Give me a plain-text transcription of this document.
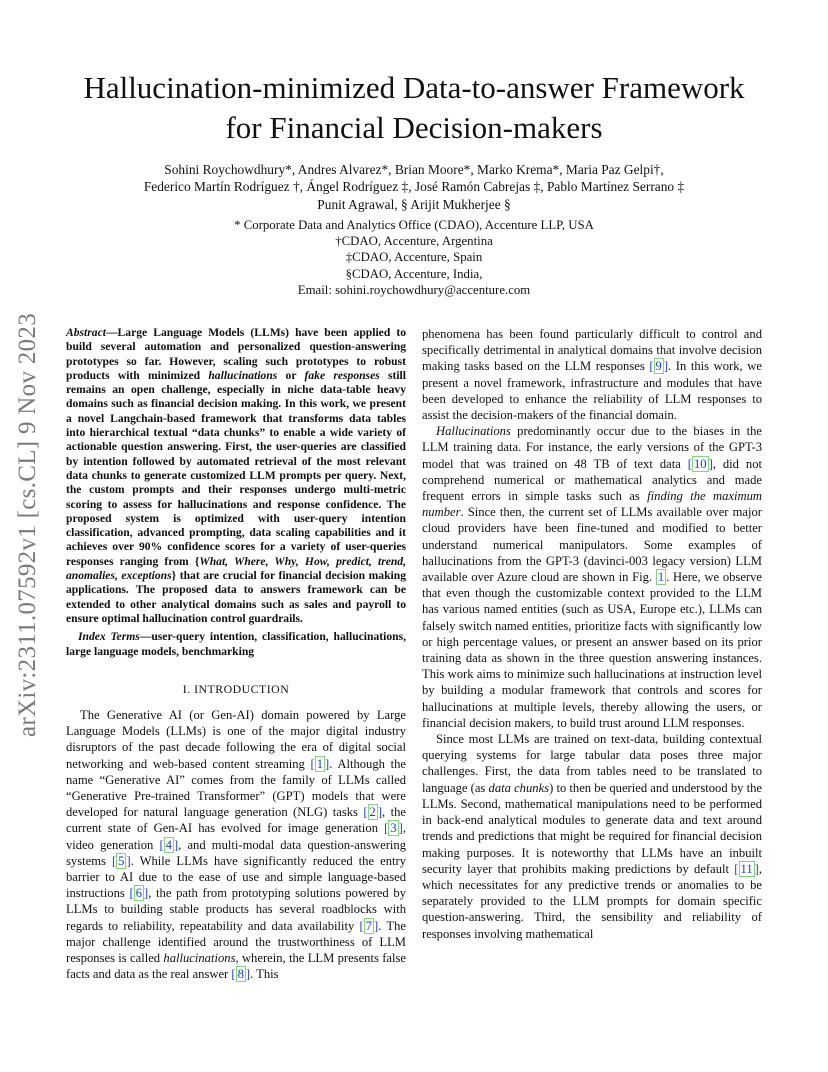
arXiv:2311.07592v1 [cs.CL] 9 Nov 2023
Hallucination-minimized Data-to-answer Framework
for Financial Decision-makers
Sohini Roychowdhury*, Andres Alvarez*, Brian Moore*, Marko Krema*, Maria Paz Gelpi†,
Federico Martín Rodríguez †, Ángel Rodríguez ‡, José Ramón Cabrejas ‡, Pablo Martínez Serrano ‡
Punit Agrawal, § Arijit Mukherjee §
* Corporate Data and Analytics Office (CDAO), Accenture LLP, USA
†CDAO, Accenture, Argentina
‡CDAO, Accenture, Spain
§CDAO, Accenture, India,
Email: sohini.roychowdhury@accenture.com

Abstract—Large Language Models (LLMs) have been applied to build several automation and personalized question-answering prototypes so far. However, scaling such prototypes to robust products with minimized hallucinations or fake responses still remains an open challenge, especially in niche data-table heavy domains such as financial decision making. In this work, we present a novel Langchain-based framework that transforms data tables into hierarchical textual “data chunks” to enable a wide variety of actionable question answering. First, the user-queries are classified by intention followed by automated retrieval of the most relevant data chunks to generate customized LLM prompts per query. Next, the custom prompts and their responses undergo multi-metric scoring to assess for hallucinations and response confidence. The proposed system is optimized with user-query intention classification, advanced prompting, data scaling capabilities and it achieves over 90% confidence scores for a variety of user-queries responses ranging from {What, Where, Why, How, predict, trend, anomalies, exceptions} that are crucial for financial decision making applications. The proposed data to answers framework can be extended to other analytical domains such as sales and payroll to ensure optimal hallucination control guardrails.

Index Terms—user-query intention, classification, hallucinations, large language models, benchmarking

I. INTRODUCTION

The Generative AI (or Gen-AI) domain powered by Large Language Models (LLMs) is one of the major digital industry disruptors of the past decade following the era of digital social networking and web-based content streaming [ 1 ] . Although the name “Generative AI” comes from the family of LLMs called “Generative Pre-trained Transformer” (GPT) models that were developed for natural language generation (NLG) tasks [ 2 ] , the current state of Gen-AI has evolved for image generation [ 3 ] , video generation [ 4 ] , and multi-modal data question-answering systems [ 5 ] . While LLMs have significantly reduced the entry barrier to AI due to the ease of use and simple language-based instructions [ 6 ] , the path from prototyping solutions powered by LLMs to building stable products has several roadblocks with regards to reliability, repeatability and data availability [ 7 ] . The major challenge identified around the trustworthiness of LLM responses is called hallucinations, wherein, the LLM presents false facts and data as the real answer [ 8 ] . This

phenomena has been found particularly difficult to control and specifically detrimental in analytical domains that involve decision making tasks based on the LLM responses [ 9 ] . In this work, we present a novel framework, infrastructure and modules that have been developed to enhance the reliability of LLM responses to assist the decision-makers of the financial domain.

Hallucinations predominantly occur due to the biases in the LLM training data. For instance, the early versions of the GPT-3 model that was trained on 48 TB of text data [ 10 ] , did not comprehend numerical or mathematical analytics and made frequent errors in simple tasks such as finding the maximum number. Since then, the current set of LLMs available over major cloud providers have been fine-tuned and modified to better understand numerical manipulators. Some examples of hallucinations from the GPT-3 (davinci-003 legacy version) LLM available over Azure cloud are shown in Fig. 1 . Here, we observe that even though the customizable context provided to the LLM has various named entities (such as USA, Europe etc.), LLMs can falsely switch named entities, prioritize facts with significantly low or high percentage values, or present an answer based on its prior training data as shown in the three question answering instances. This work aims to minimize such hallucinations at instruction level by building a modular framework that controls and scores for hallucinations at multiple levels, thereby allowing the users, or financial decision makers, to build trust around LLM responses.

Since most LLMs are trained on text-data, building contextual querying systems for large tabular data poses three major challenges. First, the data from tables need to be translated to language (as data chunks) to then be queried and understood by the LLMs. Second, mathematical manipulations need to be performed in back-end analytical modules to generate data and text around trends and predictions that might be required for financial decision making purposes. It is noteworthy that LLMs have an inbuilt security layer that prohibits making predictions by default [ 11 ] , which necessitates for any predictive trends or anomalies to be separately provided to the LLM prompts for domain specific question-answering. Third, the sensibility and reliability of responses involving mathematical
